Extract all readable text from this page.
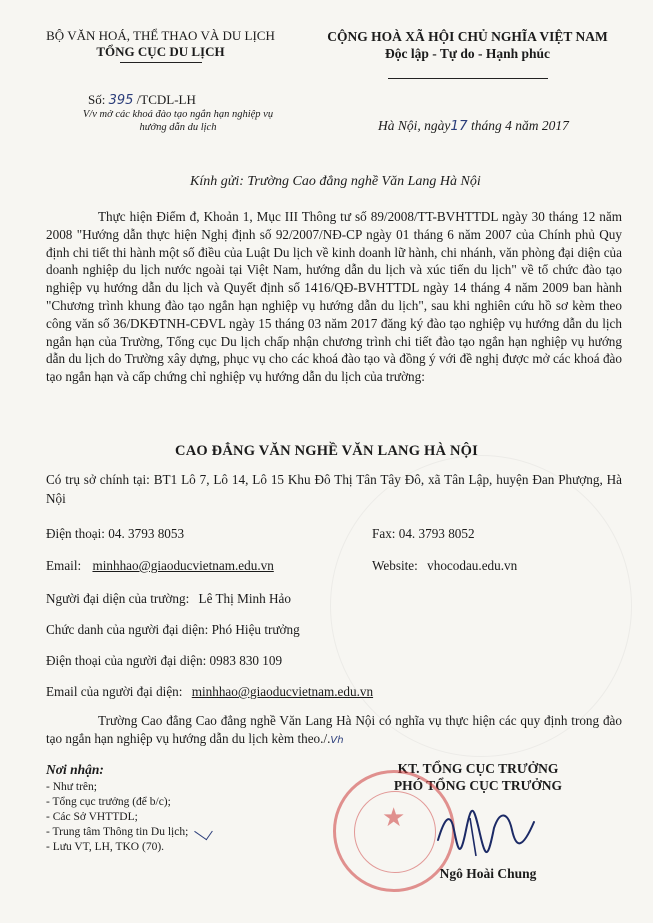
BỘ VĂN HOÁ, THỂ THAO VÀ DU LỊCH
TỔNG CỤC DU LỊCH
CỘNG HOÀ XÃ HỘI CHỦ NGHĨA VIỆT NAM
Độc lập - Tự do - Hạnh phúc
Số: 395 /TCDL-LH
V/v mở các khoá đào tạo ngắn hạn nghiệp vụ hướng dẫn du lịch	Hà Nội, ngày17 tháng 4 năm 2017
Kính gửi: Trường Cao đẳng nghề Văn Lang Hà Nội
Thực hiện Điểm đ, Khoản 1, Mục III Thông tư số 89/2008/TT-BVHTTDL ngày 30 tháng 12 năm 2008 "Hướng dẫn thực hiện Nghị định số 92/2007/NĐ-CP ngày 01 tháng 6 năm 2007 của Chính phủ Quy định chi tiết thi hành một số điều của Luật Du lịch về kinh doanh lữ hành, chi nhánh, văn phòng đại diện của doanh nghiệp du lịch nước ngoài tại Việt Nam, hướng dẫn du lịch và xúc tiến du lịch" về tổ chức đào tạo nghiệp vụ hướng dẫn du lịch và Quyết định số 1416/QĐ-BVHTTDL ngày 14 tháng 4 năm 2009 ban hành "Chương trình khung đào tạo ngắn hạn nghiệp vụ hướng dẫn du lịch", sau khi nghiên cứu hồ sơ kèm theo công văn số 36/DKĐTNH-CĐVL ngày 15 tháng 03 năm 2017 đăng ký đào tạo nghiệp vụ hướng dẫn du lịch ngắn hạn của Trường, Tổng cục Du lịch chấp nhận chương trình chi tiết đào tạo ngắn hạn nghiệp vụ hướng dẫn du lịch do Trường xây dựng, phục vụ cho các khoá đào tạo và đồng ý với đề nghị được mở các khoá đào tạo ngắn hạn và cấp chứng chỉ nghiệp vụ hướng dẫn du lịch của trường:
CAO ĐẲNG VĂN NGHỀ VĂN LANG HÀ NỘI
Có trụ sở chính tại: BT1 Lô 7, Lô 14, Lô 15 Khu Đô Thị Tân Tây Đô, xã Tân Lập, huyện Đan Phượng, Hà Nội
Điện thoại: 04. 3793 8053	Fax: 04. 3793 8052
Email: minhhao@giaoducvietnam.edu.vn	Website: vhocodau.edu.vn
Người đại diện của trường: Lê Thị Minh Hảo
Chức danh của người đại diện: Phó Hiệu trưởng
Điện thoại của người đại diện: 0983 830 109
Email của người đại diện: minhhao@giaoducvietnam.edu.vn
Trường Cao đẳng Cao đẳng nghề Văn Lang Hà Nội có nghĩa vụ thực hiện các quy định trong đào tạo ngắn hạn nghiệp vụ hướng dẫn du lịch kèm theo./.Vh
Nơi nhận:
- Như trên;
- Tổng cục trưởng (để b/c);
- Các Sở VHTTDL;
- Trung tâm Thông tin Du lịch;
- Lưu VT, LH, TKO (70).
KT. TỔNG CỤC TRƯỞNG
PHÓ TỔNG CỤC TRƯỞNG
★
Ngô Hoài Chung
